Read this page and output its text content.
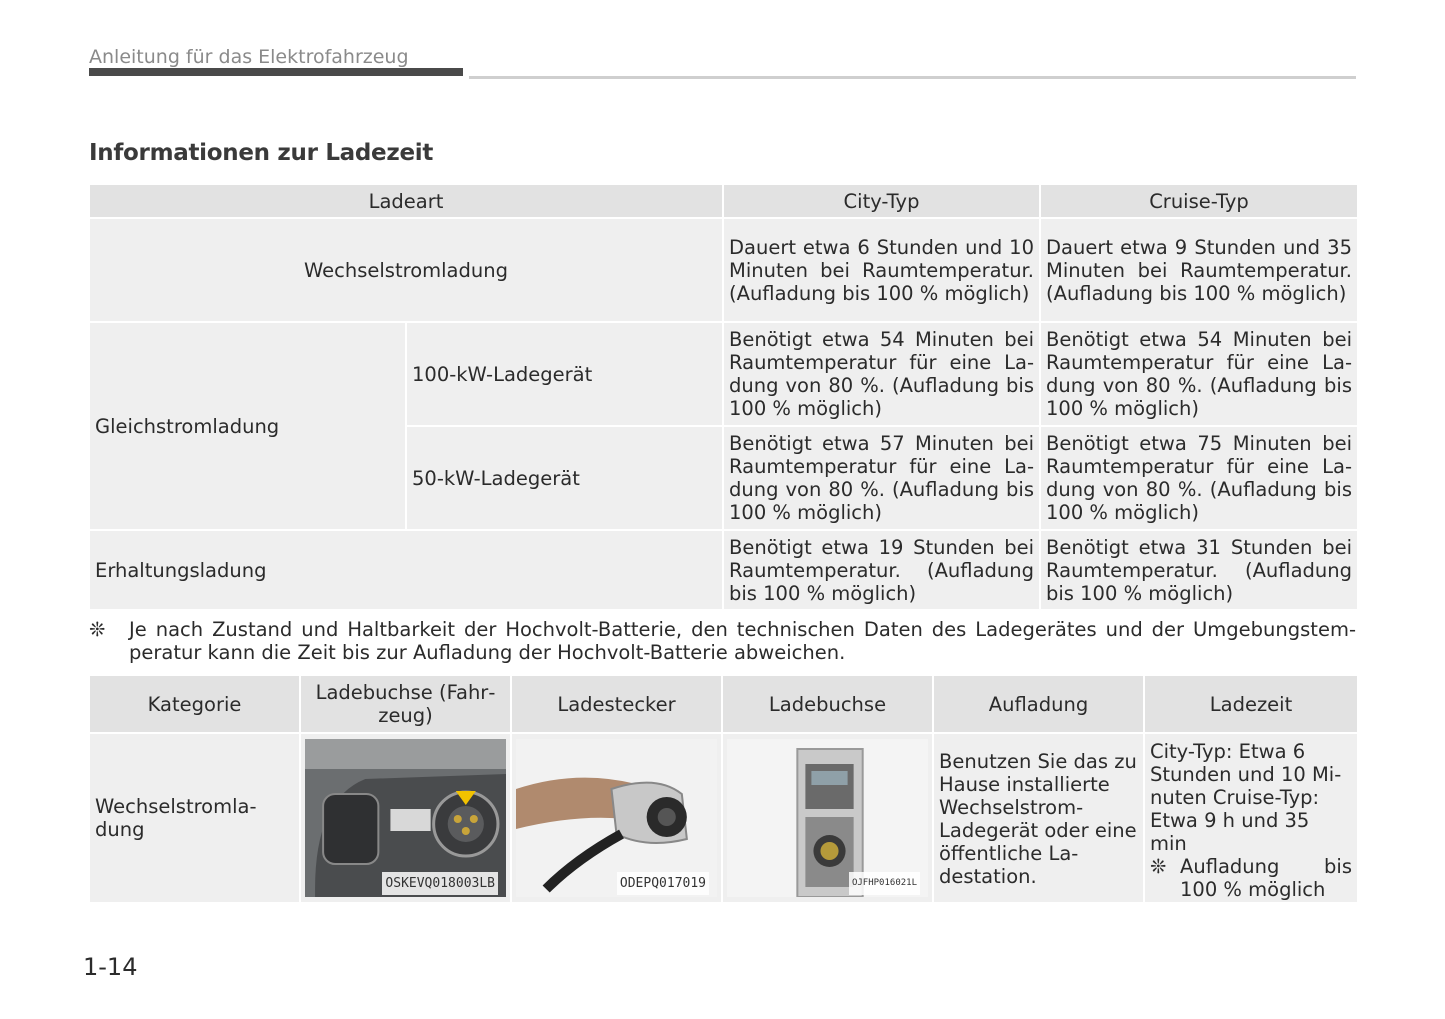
Anleitung für das Elektrofahrzeug
Informationen zur Ladezeit
Ladeart		City-Typ	Cruise-Typ
Wechselstromladung		Dauert etwa 6 Stunden und 10 Minuten bei Raumtemperatur. (Aufladung bis 100 % möglich)	Dauert etwa 9 Stunden und 35 Minuten bei Raumtemperatur. (Aufladung bis 100 % möglich)
Gleichstromladung	100-kW-Ladegerät	Benötigt etwa 54 Minuten bei Raumtemperatur für eine Ladung von 80 %. (Aufladung bis 100 % möglich)	Benötigt etwa 54 Minuten bei Raumtemperatur für eine Ladung von 80 %. (Aufladung bis 100 % möglich)
	50-kW-Ladegerät	Benötigt etwa 57 Minuten bei Raumtemperatur für eine Ladung von 80 %. (Aufladung bis 100 % möglich)	Benötigt etwa 75 Minuten bei Raumtemperatur für eine Ladung von 80 %. (Aufladung bis 100 % möglich)
Erhaltungsladung		Benötigt etwa 19 Stunden bei Raumtemperatur. (Aufladung bis 100 % möglich)	Benötigt etwa 31 Stunden bei Raumtemperatur. (Aufladung bis 100 % möglich)
❊ Je nach Zustand und Haltbarkeit der Hochvolt-Batterie, den technischen Daten des Ladegerätes und der Umgebungstemperatur kann die Zeit bis zur Aufladung der Hochvolt-Batterie abweichen.
Kategorie	Ladebuchse (Fahrzeug)	Ladestecker	Ladebuchse	Aufladung	Ladezeit
Wechselstromladung	OSKEVQ018003LB	ODEPQ017019	OJFHP016021L	Benutzen Sie das zu Hause installierte Wechselstrom-Ladegerät oder eine öffentliche Ladestation.	City-Typ: Etwa 6 Stunden und 10 Minuten Cruise-Typ: Etwa 9 h und 35 min
❊ Aufladung bis 100 % möglich
1-14
